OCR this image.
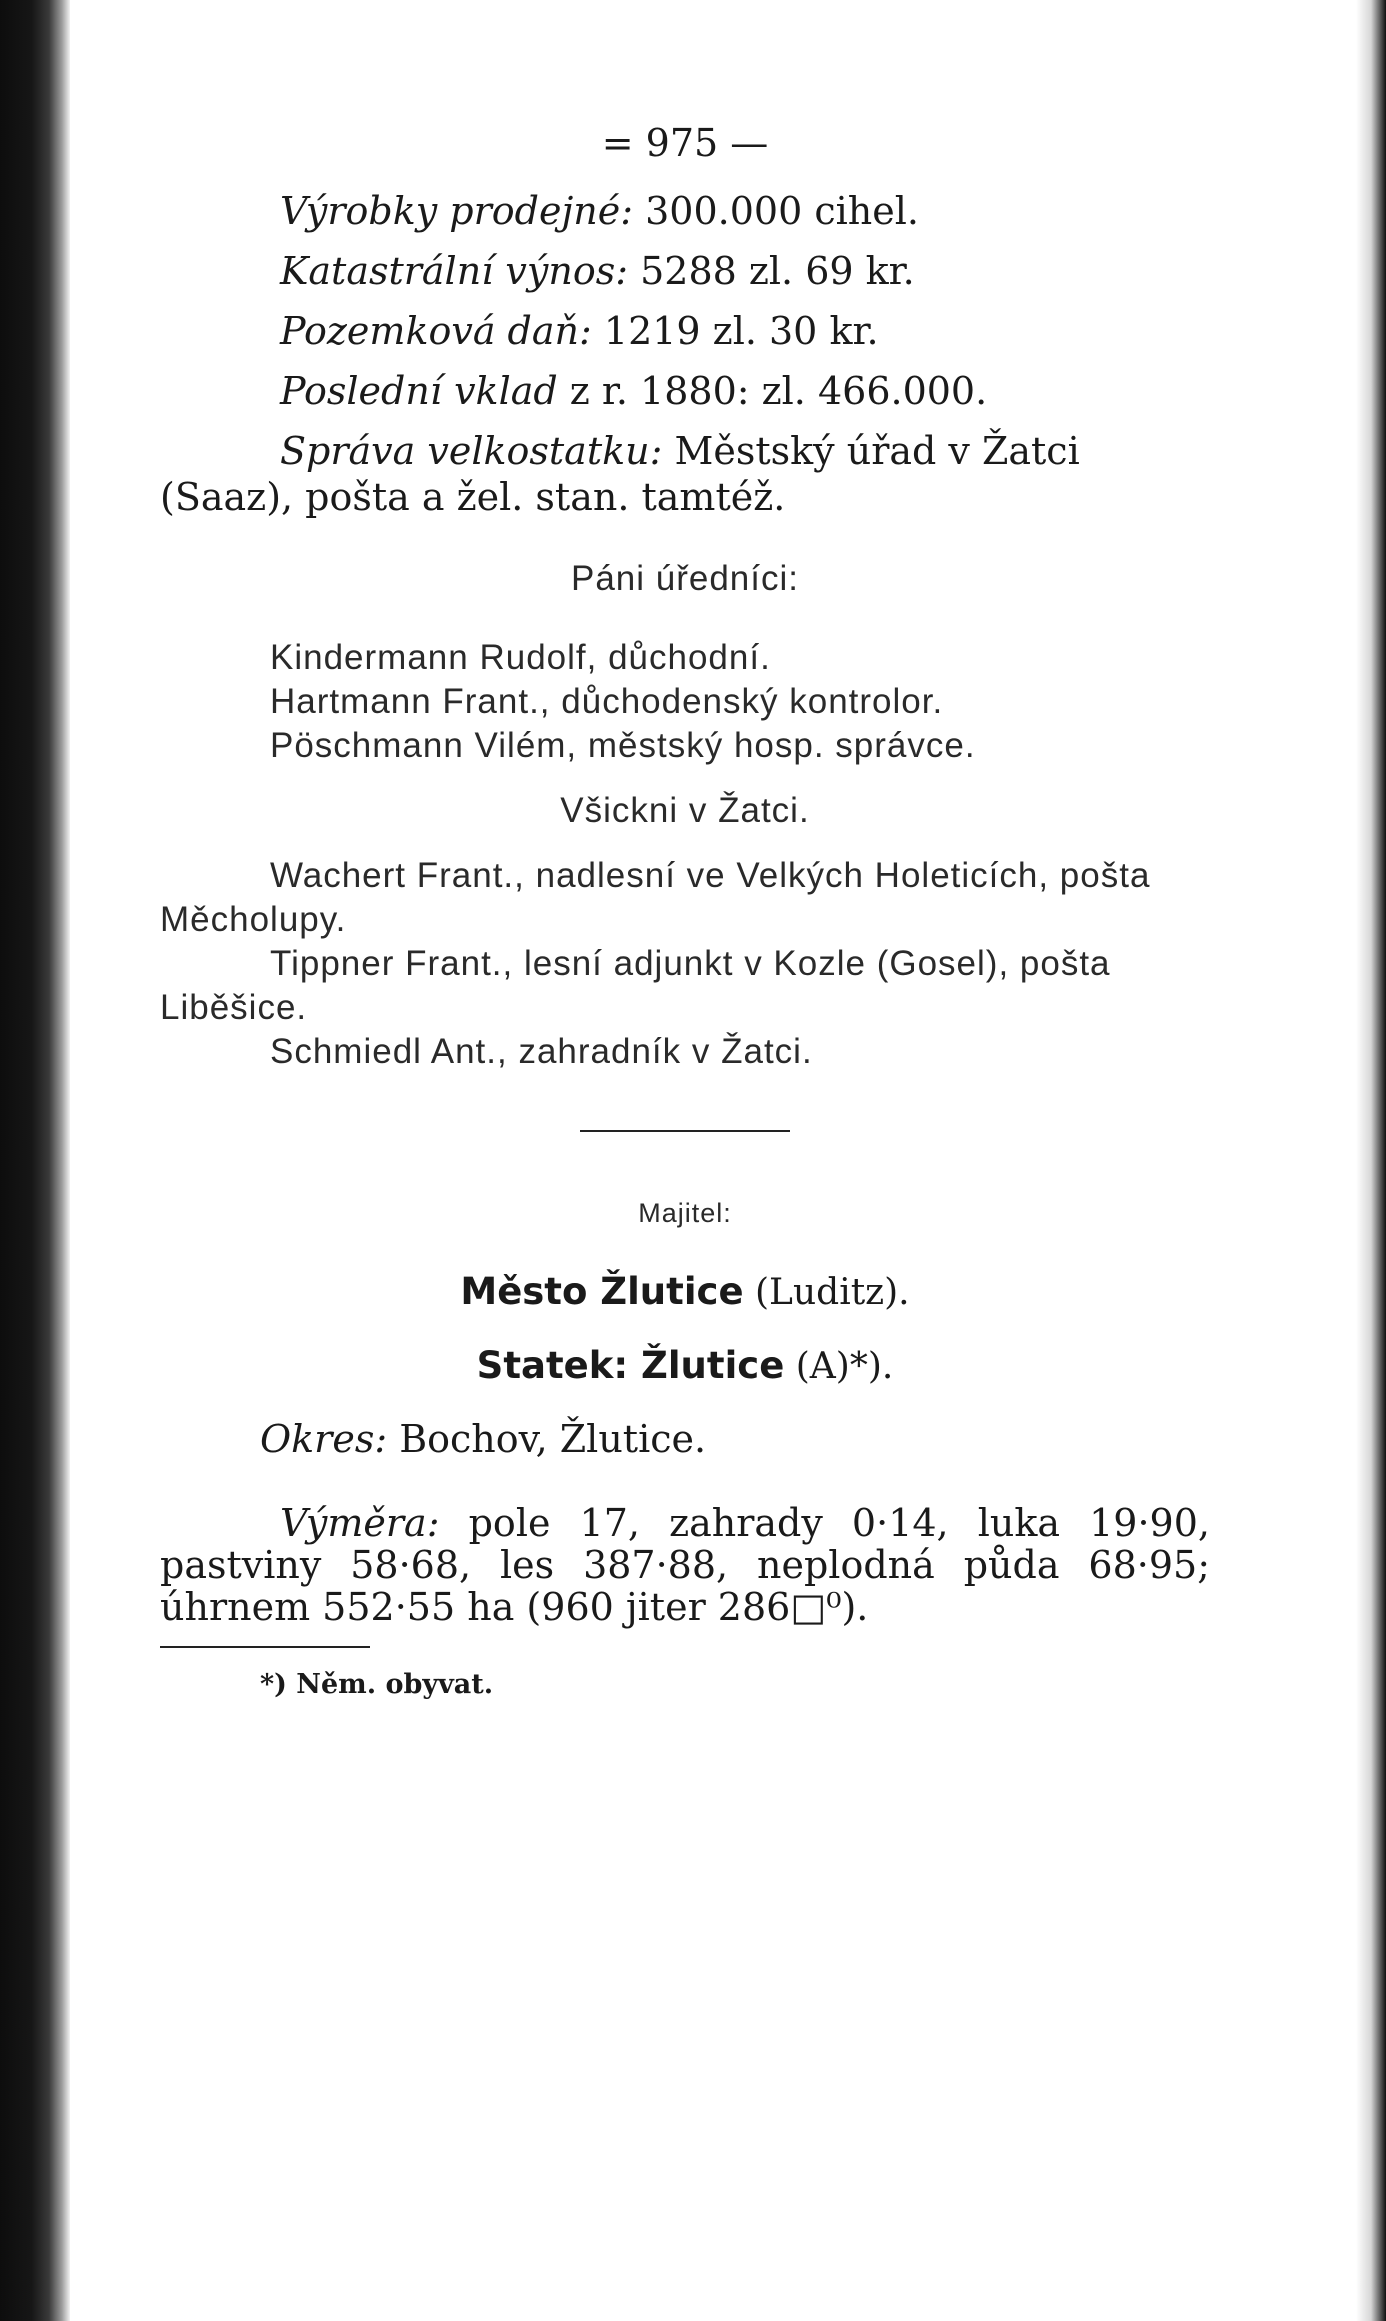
= 975 —

Výrobky prodejné: 300.000 cihel.

Katastrální výnos: 5288 zl. 69 kr.

Pozemková daň: 1219 zl. 30 kr.

Poslední vklad z r. 1880: zl. 466.000.

Správa velkostatku: Městský úřad v Žatci (Saaz), pošta a žel. stan. tamtéž.

Páni úředníci:

Kindermann Rudolf, důchodní.

Hartmann Frant., důchodenský kontrolor.

Pöschmann Vilém, městský hosp. správce.

Všickni v Žatci.

Wachert Frant., nadlesní ve Velkých Holeticích, pošta Měcholupy.

Tippner Frant., lesní adjunkt v Kozle (Gosel), pošta Liběšice.

Schmiedl Ant., zahradník v Žatci.

Majitel:

Město Žlutice (Luditz).

Statek: Žlutice (A)*).

Okres: Bochov, Žlutice.

Výměra: pole 17, zahrady 0·14, luka 19·90, pastviny 58·68, les 387·88, neplodná půda 68·95; úhrnem 552·55 ha (960 jiter 286□⁰).

*) Něm. obyvat.
